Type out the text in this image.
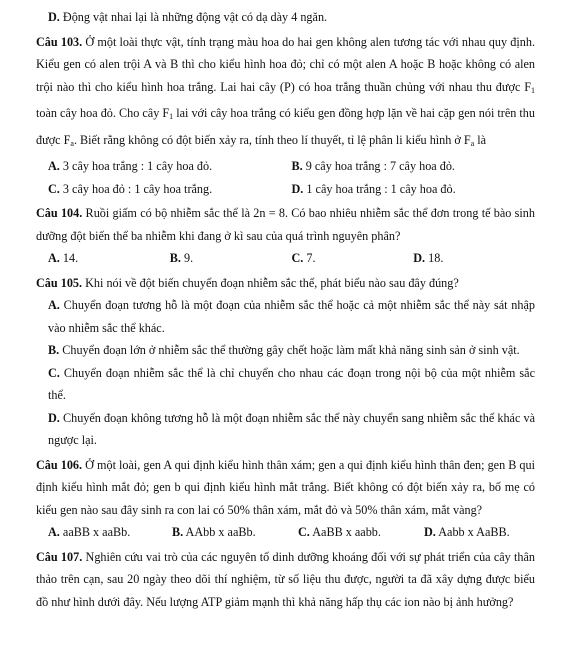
D. Động vật nhai lại là những động vật có dạ dày 4 ngăn.

Câu 103. Ở một loài thực vật, tính trạng màu hoa do hai gen không alen tương tác với nhau quy định. Kiểu gen có alen trội A và B thì cho kiểu hình hoa đỏ; chỉ có một alen A hoặc B hoặc không có alen trội nào thì cho kiểu hình hoa trắng. Lai hai cây (P) có hoa trắng thuần chủng với nhau thu được $F_1$ toàn cây hoa đỏ. Cho cây $F_1$ lai với cây hoa trắng có kiểu gen đồng hợp lặn về hai cặp gen nói trên thu được $F_a$. Biết rằng không có đột biến xảy ra, tính theo lí thuyết, tỉ lệ phân li kiểu hình ở $F_a$ là

A. 3 cây hoa trắng : 1 cây hoa đỏ.	B. 9 cây hoa trắng : 7 cây hoa đỏ.
C. 3 cây hoa đỏ : 1 cây hoa trắng.	D. 1 cây hoa trắng : 1 cây hoa đỏ.

Câu 104. Ruồi giấm có bộ nhiễm sắc thể là 2n = 8. Có bao nhiêu nhiễm sắc thể đơn trong tế bào sinh dưỡng đột biến thể ba nhiễm khi đang ở kì sau của quá trình nguyên phân?

A. 14.	B. 9.	C. 7.	D. 18.

Câu 105. Khi nói về đột biến chuyển đoạn nhiễm sắc thể, phát biểu nào sau đây đúng?

A. Chuyển đoạn tương hỗ là một đoạn của nhiễm sắc thể hoặc cả một nhiễm sắc thể này sát nhập vào nhiễm sắc thể khác.

B. Chuyển đoạn lớn ở nhiễm sắc thể thường gây chết hoặc làm mất khả năng sinh sản ở sinh vật.

C. Chuyển đoạn nhiễm sắc thể là chỉ chuyển cho nhau các đoạn trong nội bộ của một nhiễm sắc thể.

D. Chuyển đoạn không tương hỗ là một đoạn nhiễm sắc thể này chuyển sang nhiễm sắc thể khác và ngược lại.

Câu 106. Ở một loài, gen A qui định kiểu hình thân xám; gen a qui định kiểu hình thân đen; gen B qui định kiểu hình mắt đỏ; gen b qui định kiểu hình mắt trắng. Biết không có đột biến xảy ra, bố mẹ có kiểu gen nào sau đây sinh ra con lai có 50% thân xám, mắt đỏ và 50% thân xám, mắt vàng?

A. aaBB x aaBb.	B. AAbb x aaBb.	C. AaBB x aabb.	D. Aabb x AaBB.

Câu 107. Nghiên cứu vai trò của các nguyên tố dinh dưỡng khoáng đối với sự phát triển của cây thân thảo trên cạn, sau 20 ngày theo dõi thí nghiệm, từ số liệu thu được, người ta đã xây dựng được biểu đồ như hình dưới đây. Nếu lượng ATP giảm mạnh thì khả năng hấp thụ các ion nào bị ảnh hưởng?
